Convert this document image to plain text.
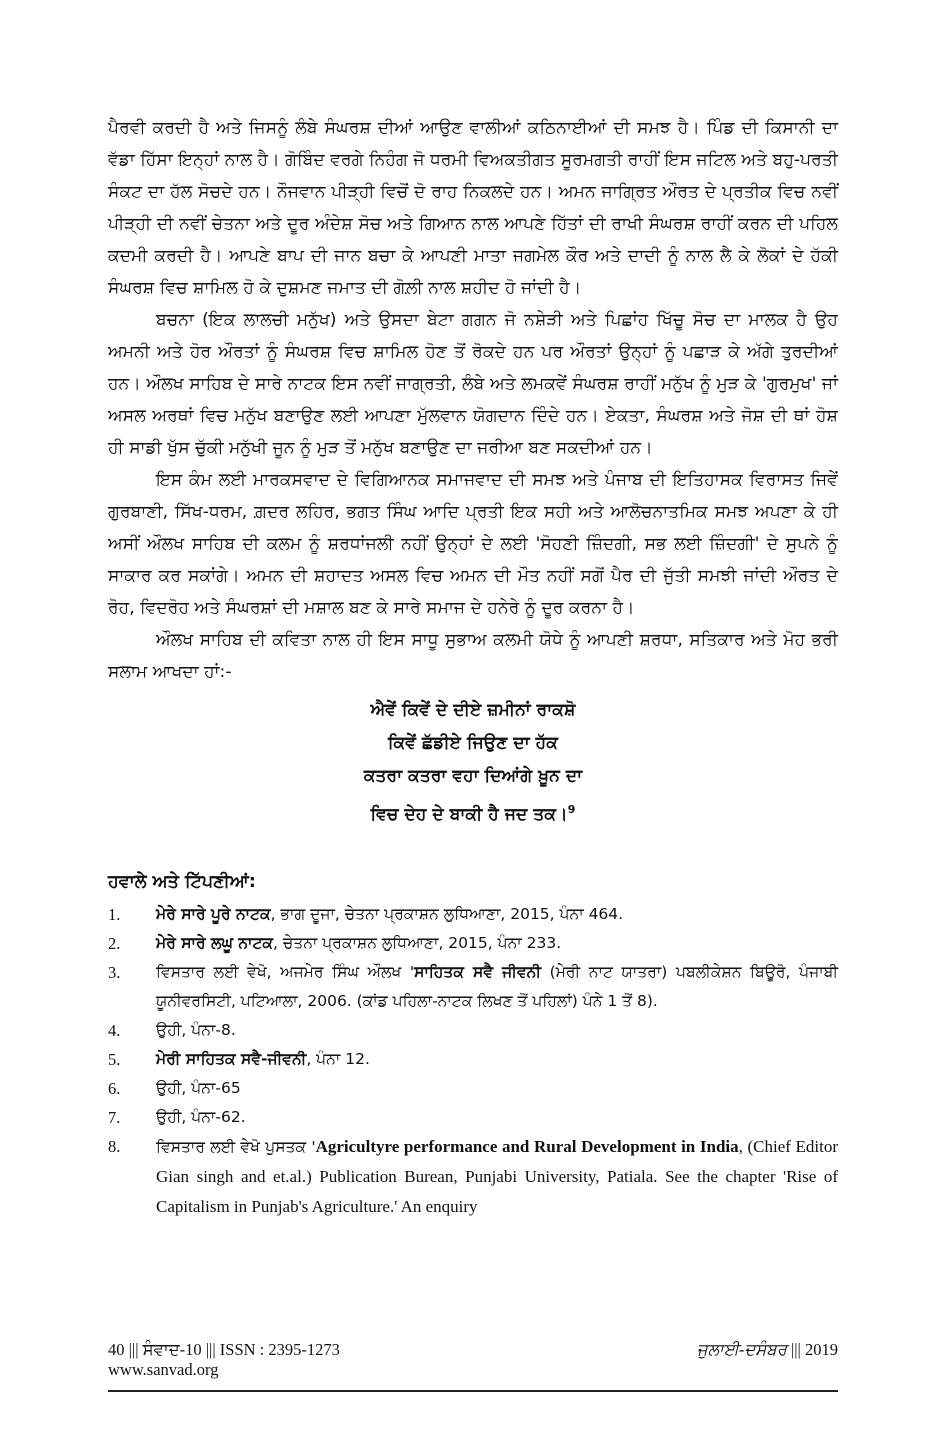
ਪੈਰਵੀ ਕਰਦੀ ਹੈ ਅਤੇ ਜਿਸਨੂੰ ਲੰਬੇ ਸੰਘਰਸ਼ ਦੀਆਂ ਆਉਣ ਵਾਲੀਆਂ ਕਠਿਨਾਈਆਂ ਦੀ ਸਮਝ ਹੈ। ਪਿੰਡ ਦੀ ਕਿਸਾਨੀ ਦਾ ਵੱਡਾ ਹਿੱਸਾ ਇਨ੍ਹਾਂ ਨਾਲ ਹੈ। ਗੋਬਿੰਦ ਵਰਗੇ ਨਿਹੰਗ ਜੋ ਧਰਮੀ ਵਿਅਕਤੀਗਤ ਸੂਰਮਗਤੀ ਰਾਹੀਂ ਇਸ ਜਟਿਲ ਅਤੇ ਬਹੁ-ਪਰਤੀ ਸੰਕਟ ਦਾ ਹੱਲ ਸੋਚਦੇ ਹਨ। ਨੌਜਵਾਨ ਪੀੜ੍ਹੀ ਵਿਚੋਂ ਦੋ ਰਾਹ ਨਿਕਲਦੇ ਹਨ। ਅਮਨ ਜਾਗ੍ਰਿਤ ਔਰਤ ਦੇ ਪ੍ਰਤੀਕ ਵਿਚ ਨਵੀਂ ਪੀੜ੍ਹੀ ਦੀ ਨਵੀਂ ਚੇਤਨਾ ਅਤੇ ਦੂਰ ਅੰਦੇਸ਼ ਸੋਚ ਅਤੇ ਗਿਆਨ ਨਾਲ ਆਪਣੇ ਹਿੱਤਾਂ ਦੀ ਰਾਖੀ ਸੰਘਰਸ਼ ਰਾਹੀਂ ਕਰਨ ਦੀ ਪਹਿਲ ਕਦਮੀ ਕਰਦੀ ਹੈ। ਆਪਣੇ ਬਾਪ ਦੀ ਜਾਨ ਬਚਾ ਕੇ ਆਪਣੀ ਮਾਤਾ ਜਗਮੇਲ ਕੌਰ ਅਤੇ ਦਾਦੀ ਨੂੰ ਨਾਲ ਲੈ ਕੇ ਲੋਕਾਂ ਦੇ ਹੱਕੀ ਸੰਘਰਸ਼ ਵਿਚ ਸ਼ਾਮਿਲ ਹੋ ਕੇ ਦੁਸ਼ਮਣ ਜਮਾਤ ਦੀ ਗੋਲ਼ੀ ਨਾਲ ਸ਼ਹੀਦ ਹੋ ਜਾਂਦੀ ਹੈ।

ਬਚਨਾ (ਇਕ ਲਾਲਚੀ ਮਨੁੱਖ) ਅਤੇ ਉਸਦਾ ਬੇਟਾ ਗਗਨ ਜੋ ਨਸ਼ੇੜੀ ਅਤੇ ਪਿਛਾਂਹ ਖਿੱਚੂ ਸੋਚ ਦਾ ਮਾਲਕ ਹੈ ਉਹ ਅਮਨੀ ਅਤੇ ਹੋਰ ਔਰਤਾਂ ਨੂੰ ਸੰਘਰਸ਼ ਵਿਚ ਸ਼ਾਮਿਲ ਹੋਣ ਤੋਂ ਰੋਕਦੇ ਹਨ ਪਰ ਔਰਤਾਂ ਉਨ੍ਹਾਂ ਨੂੰ ਪਛਾੜ ਕੇ ਅੱਗੇ ਤੁਰਦੀਆਂ ਹਨ। ਔਲਖ ਸਾਹਿਬ ਦੇ ਸਾਰੇ ਨਾਟਕ ਇਸ ਨਵੀਂ ਜਾਗ੍ਰਤੀ, ਲੰਬੇ ਅਤੇ ਲਮਕਵੇਂ ਸੰਘਰਸ਼ ਰਾਹੀਂ ਮਨੁੱਖ ਨੂੰ ਮੁੜ ਕੇ 'ਗੁਰਮੁਖ' ਜਾਂ ਅਸਲ ਅਰਥਾਂ ਵਿਚ ਮਨੁੱਖ ਬਣਾਉਣ ਲਈ ਆਪਣਾ ਮੁੱਲਵਾਨ ਯੋਗਦਾਨ ਦਿੰਦੇ ਹਨ। ਏਕਤਾ, ਸੰਘਰਸ਼ ਅਤੇ ਜੋਸ਼ ਦੀ ਥਾਂ ਹੋਸ਼ ਹੀ ਸਾਡੀ ਖੁੱਸ ਚੁੱਕੀ ਮਨੁੱਖੀ ਜੂਨ ਨੂੰ ਮੁੜ ਤੋਂ ਮਨੁੱਖ ਬਣਾਉਣ ਦਾ ਜਰੀਆ ਬਣ ਸਕਦੀਆਂ ਹਨ।

ਇਸ ਕੰਮ ਲਈ ਮਾਰਕਸਵਾਦ ਦੇ ਵਿਗਿਆਨਕ ਸਮਾਜਵਾਦ ਦੀ ਸਮਝ ਅਤੇ ਪੰਜਾਬ ਦੀ ਇਤਿਹਾਸਕ ਵਿਰਾਸਤ ਜਿਵੇਂ ਗੁਰਬਾਣੀ, ਸਿੱਖ-ਧਰਮ, ਗ਼ਦਰ ਲਹਿਰ, ਭਗਤ ਸਿੰਘ ਆਦਿ ਪ੍ਰਤੀ ਇਕ ਸਹੀ ਅਤੇ ਆਲੋਚਨਾਤਮਿਕ ਸਮਝ ਅਪਣਾ ਕੇ ਹੀ ਅਸੀਂ ਔਲਖ ਸਾਹਿਬ ਦੀ ਕਲਮ ਨੂੰ ਸ਼ਰਧਾਂਜਲੀ ਨਹੀਂ ਉਨ੍ਹਾਂ ਦੇ ਲਈ 'ਸੋਹਣੀ ਜ਼ਿੰਦਗੀ, ਸਭ ਲਈ ਜ਼ਿੰਦਗੀ' ਦੇ ਸੁਪਨੇ ਨੂੰ ਸਾਕਾਰ ਕਰ ਸਕਾਂਗੇ। ਅਮਨ ਦੀ ਸ਼ਹਾਦਤ ਅਸਲ ਵਿਚ ਅਮਨ ਦੀ ਮੌਤ ਨਹੀਂ ਸਗੋਂ ਪੈਰ ਦੀ ਜੁੱਤੀ ਸਮਝੀ ਜਾਂਦੀ ਔਰਤ ਦੇ ਰੋਹ, ਵਿਦਰੋਹ ਅਤੇ ਸੰਘਰਸ਼ਾਂ ਦੀ ਮਸ਼ਾਲ ਬਣ ਕੇ ਸਾਰੇ ਸਮਾਜ ਦੇ ਹਨੇਰੇ ਨੂੰ ਦੂਰ ਕਰਨਾ ਹੈ।

ਔਲਖ ਸਾਹਿਬ ਦੀ ਕਵਿਤਾ ਨਾਲ ਹੀ ਇਸ ਸਾਧੂ ਸੁਭਾਅ ਕਲਮੀ ਯੋਧੇ ਨੂੰ ਆਪਣੀ ਸ਼ਰਧਾ, ਸਤਿਕਾਰ ਅਤੇ ਮੋਹ ਭਰੀ ਸਲਾਮ ਆਖਦਾ ਹਾਂ:-

ਐਵੇਂ ਕਿਵੇਂ ਦੇ ਦੀਏ ਜ਼ਮੀਨਾਂ ਰਾਕਸ਼ੋ
ਕਿਵੇਂ ਛੱਡੀਏ ਜਿਉਣ ਦਾ ਹੱਕ
ਕਤਰਾ ਕਤਰਾ ਵਹਾ ਦਿਆਂਗੇ ਖ਼ੂਨ ਦਾ
ਵਿਚ ਦੇਹ ਦੇ ਬਾਕੀ ਹੈ ਜਦ ਤਕ।$^9$
ਹਵਾਲੇ ਅਤੇ ਟਿੱਪਣੀਆਂ:
1.	ਮੇਰੇ ਸਾਰੇ ਪੂਰੇ ਨਾਟਕ, ਭਾਗ ਦੂਜਾ, ਚੇਤਨਾ ਪ੍ਰਕਾਸ਼ਨ ਲੁਧਿਆਣਾ, 2015, ਪੰਨਾ 464.
2.	ਮੇਰੇ ਸਾਰੇ ਲਘੂ ਨਾਟਕ, ਚੇਤਨਾ ਪ੍ਰਕਾਸ਼ਨ ਲੁਧਿਆਣਾ, 2015, ਪੰਨਾ 233.
3.	ਵਿਸਤਾਰ ਲਈ ਵੇਖੋ, ਅਜਮੇਰ ਸਿੰਘ ਔਲਖ 'ਸਾਹਿਤਕ ਸਵੈ ਜੀਵਨੀ (ਮੇਰੀ ਨਾਟ ਯਾਤਰਾ) ਪਬਲੀਕੇਸ਼ਨ ਬਿਊਰੋ, ਪੰਜਾਬੀ ਯੂਨੀਵਰਸਿਟੀ, ਪਟਿਆਲਾ, 2006. (ਕਾਂਡ ਪਹਿਲਾ-ਨਾਟਕ ਲਿਖਣ ਤੋਂ ਪਹਿਲਾਂ) ਪੰਨੇ 1 ਤੋਂ 8).
4.	ਉਹੀ, ਪੰਨਾ-8.
5.	ਮੇਰੀ ਸਾਹਿਤਕ ਸਵੈ-ਜੀਵਨੀ, ਪੰਨਾ 12.
6.	ਉਹੀ, ਪੰਨਾ-65
7.	ਉਹੀ, ਪੰਨਾ-62.
8.	ਵਿਸਤਾਰ ਲਈ ਵੇਖੋ ਪੁਸਤਕ 'Agricultyre performance and Rural Development in India, (Chief Editor Gian singh and et.al.) Publication Burean, Punjabi University, Patiala. See the chapter 'Rise of Capitalism in Punjab's Agriculture.' An enquiry
40 ||| ਸੰਵਾਦ-10 ||| ISSN : 2395-1273	ਜੁਲਾਈ-ਦਸੰਬਰ ||| 2019
www.sanvad.org
